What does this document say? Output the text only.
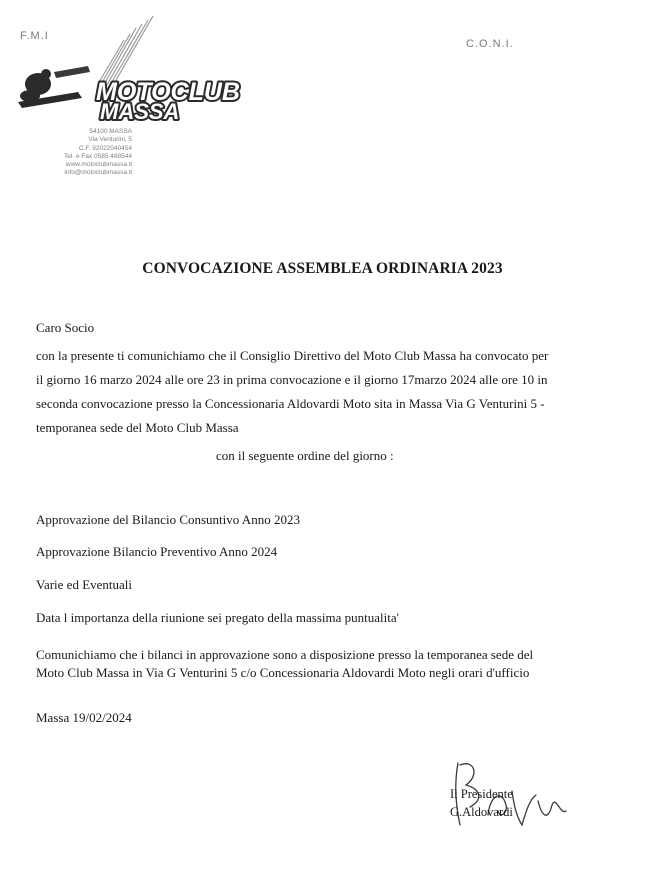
F.M.I
C.O.N.I.
MOTOCLUB
MASSA
54100 MASSA
Via Venturini, 5
C.F. 92022040454
Tel. e Fax 0585 488544
www.motoclubmassa.it
info@motoclubmassa.it
CONVOCAZIONE ASSEMBLEA ORDINARIA 2023
Caro Socio
con la presente ti comunichiamo che il Consiglio Direttivo del Moto Club Massa ha convocato per
il giorno 16 marzo 2024 alle ore 23 in prima convocazione e il giorno 17marzo 2024 alle ore 10 in
seconda convocazione presso la Concessionaria Aldovardi Moto sita in Massa Via G Venturini 5 -
temporanea sede del Moto Club Massa
con il seguente ordine del giorno :
Approvazione del Bilancio Consuntivo Anno 2023
Approvazione Bilancio Preventivo Anno 2024
Varie ed Eventuali
Data l importanza della riunione sei pregato della massima puntualita'
Comunichiamo che i bilanci in approvazione sono a disposizione presso la temporanea sede del
Moto Club Massa in Via G Venturini 5 c/o Concessionaria Aldovardi Moto negli orari d'ufficio
Massa 19/02/2024
Il Presidente
G.Aldovardi
